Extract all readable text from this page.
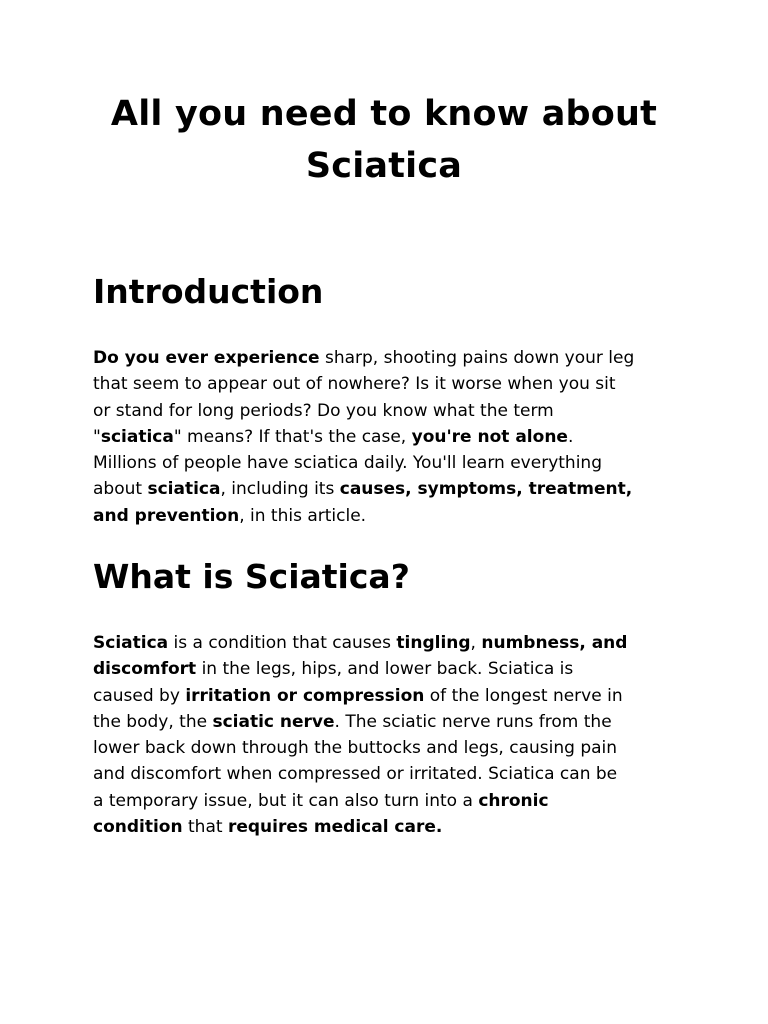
All you need to know about
Sciatica
Introduction

Do you ever experience sharp, shooting pains down your leg
that seem to appear out of nowhere? Is it worse when you sit
or stand for long periods? Do you know what the term
"sciatica" means? If that's the case, you're not alone.
Millions of people have sciatica daily. You'll learn everything
about sciatica, including its causes, symptoms, treatment,
and prevention, in this article.

What is Sciatica?

Sciatica is a condition that causes tingling, numbness, and
discomfort in the legs, hips, and lower back. Sciatica is
caused by irritation or compression of the longest nerve in
the body, the sciatic nerve. The sciatic nerve runs from the
lower back down through the buttocks and legs, causing pain
and discomfort when compressed or irritated. Sciatica can be
a temporary issue, but it can also turn into a chronic
condition that requires medical care.
